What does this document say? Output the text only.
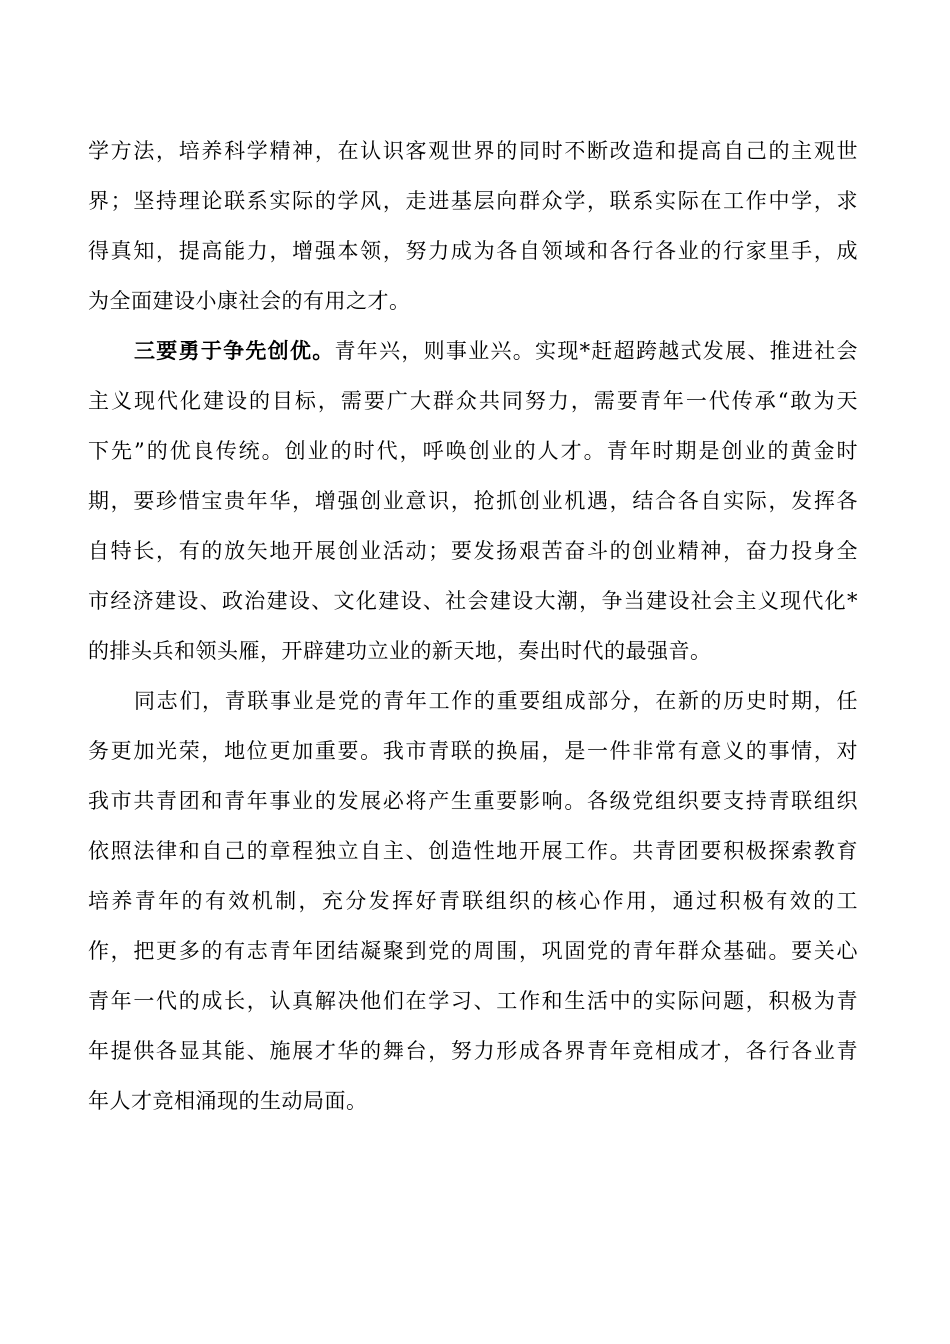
学方法，培养科学精神，在认识客观世界的同时不断改造和提高自己的主观世
界；坚持理论联系实际的学风，走进基层向群众学，联系实际在工作中学，求
得真知，提高能力，增强本领，努力成为各自领域和各行各业的行家里手，成
为全面建设小康社会的有用之才。
三要勇于争先创优。青年兴，则事业兴。实现*赶超跨越式发展、推进社会
主义现代化建设的目标，需要广大群众共同努力，需要青年一代传承“敢为天
下先”的优良传统。创业的时代，呼唤创业的人才。青年时期是创业的黄金时
期，要珍惜宝贵年华，增强创业意识，抢抓创业机遇，结合各自实际，发挥各
自特长，有的放矢地开展创业活动；要发扬艰苦奋斗的创业精神，奋力投身全
市经济建设、政治建设、文化建设、社会建设大潮，争当建设社会主义现代化*
的排头兵和领头雁，开辟建功立业的新天地，奏出时代的最强音。
同志们，青联事业是党的青年工作的重要组成部分，在新的历史时期，任
务更加光荣，地位更加重要。我市青联的换届，是一件非常有意义的事情，对
我市共青团和青年事业的发展必将产生重要影响。各级党组织要支持青联组织
依照法律和自己的章程独立自主、创造性地开展工作。共青团要积极探索教育
培养青年的有效机制，充分发挥好青联组织的核心作用，通过积极有效的工
作，把更多的有志青年团结凝聚到党的周围，巩固党的青年群众基础。要关心
青年一代的成长，认真解决他们在学习、工作和生活中的实际问题，积极为青
年提供各显其能、施展才华的舞台，努力形成各界青年竞相成才，各行各业青
年人才竞相涌现的生动局面。
